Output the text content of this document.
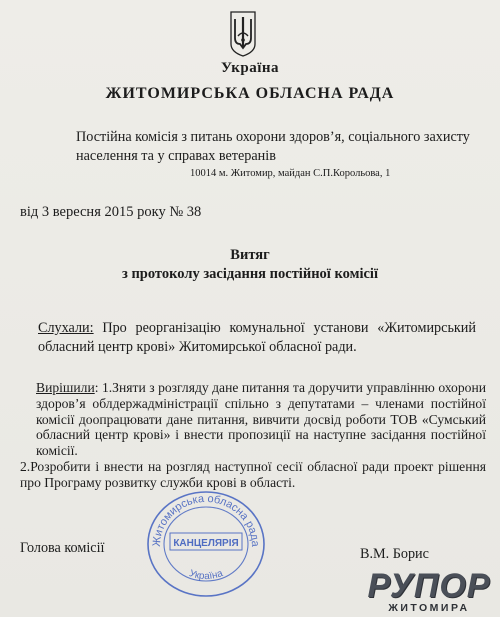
Україна
ЖИТОМИРСЬКА ОБЛАСНА РАДА
Постійна комісія з питань охорони здоров’я, соціального захисту
населення та у справах ветеранів
10014 м. Житомир, майдан С.П.Корольова, 1
від 3 вересня 2015 року № 38
Витяг
з протоколу засідання постійної комісії
Слухали: Про реорганізацію комунальної установи «Житомирський обласний центр крові» Житомирської обласної ради.
Вирішили: 1.Зняти з розгляду дане питання та доручити управлінню охорони здоров’я облдержадміністрації спільно з депутатами – членами постійної комісії доопрацювати дане питання, вивчити досвід роботи ТОВ «Сумський обласний центр крові» і внести пропозиції на наступне засідання постійної комісії.
2.Розробити і внести на розгляд наступної сесії обласної ради проект рішення про Програму розвитку служби крові в області.
Голова комісії	В.М. Борис
Житомирська обласна рада
Україна
КАНЦЕЛЯРІЯ
РУПОР
ЖИТОМИРА
